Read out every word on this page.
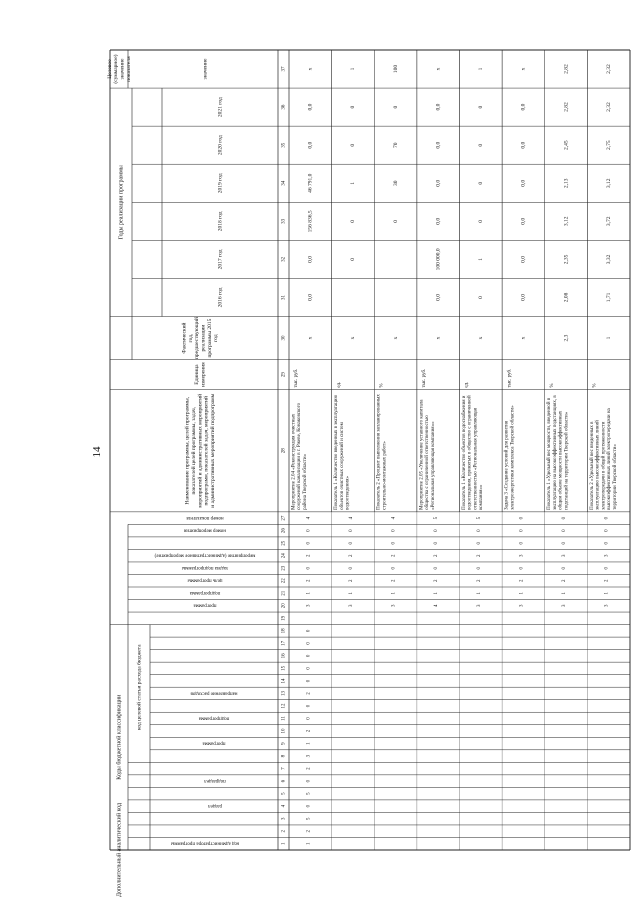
14
Коды бюджетной классификации
код целевой статьи расхода бюджета
Дополнительный аналитический код
Годы реализации программы
Целевое(суммарное)значениепоказателя
код администратора программы
раздел
подраздел
программа
подпрограмма
направление расходов
программа
подпрограмма
цель программы
задача подпрограммы
мероприятие (административное мероприятие)
номер мероприятия
номер показателя
Наименование программы, целей программы,показателей целей программы, задач,мероприятий и административных мероприятийподпрограмм, показателей задач, мероприятийи административных мероприятий подпрограмм
Единицаизмерения
Фактическийгод,предшествующийреализациипрограммы 2015год
2016 год
2017 год
2018 год
2019 год
2020 год
2021 год
значение
1
2
3
4
5
6
7
8
9
10
11
12
13
14
15
16
17
18
19
20
21
22
23
24
25
26
27
28
29
30
31
32
33
34
35
36
37
1
2
5
0
5
0
2
3
1
2
0
0
2
0
0
0
0
0
3
1
2
0
2
0
0
4
Мероприятие 2.04 «Реконструкция очистныхсооружений канализации в г. Ржеве, Конаковскогорайона Тверской области»
тыс. руб.
х
0,0
0,0
156 836,5
46 791,0
0,0
0,0
х
3
1
2
0
2
0
0
4
Показатель 1 «Количество введенных в эксплуатациюобъектов очистных сооружений и системводоотведения»
ед.
х
0
0
1
0
0
1
3
1
2
0
2
0
0
4
Показатель 2 «Процент выполнения запланированныхстроительно-монтажных работ»
%
х
0
30
70
0
100
4
1
2
0
2
0
0
5
Мероприятие 2.05 «Увеличение уставного капиталаобщества с ограниченной ответственностью«Региональная управляющая компания»»
тыс. руб.
х
0,0
100 000,0
0,0
0,0
0,0
0,0
х
3
1
2
0
2
0
0
5
Показатель 1 «Количество объектов водоснабжения иводоотведения, принятых в общество с ограниченнойответственностью «Региональная управляющаякомпания»»
ед.
х
0
1
0
0
0
0
1
3
1
2
0
3
0
0
0
Задача 3 «Создание условий для развитияэлектроэнергетики комплекса Тверской области»
тыс. руб.
х
0,0
0,0
0,0
0,0
0,0
0,0
х
3
1
2
0
3
0
0
0
Показатель 1 «Удельный вес мощности, введенной вэксплуатацию на высокоэффективных подстанциях, вобщем объеме мощности высокоэффективныхподстанций на территории Тверской области»
%
2,3
2,08
2,35
3,12
2,13
2,45
2,82
2,82
3
1
2
0
3
0
0
0
Показатель 2 «Удельный вес введенных вэксплуатацию высокоэффективных линийэлектропередачи в общей протяженностивысокоэффективных линий электропередачи натерритории Тверской области»
%
1
1,71
3,32
3,72
3,12
2,75
2,32
2,32
